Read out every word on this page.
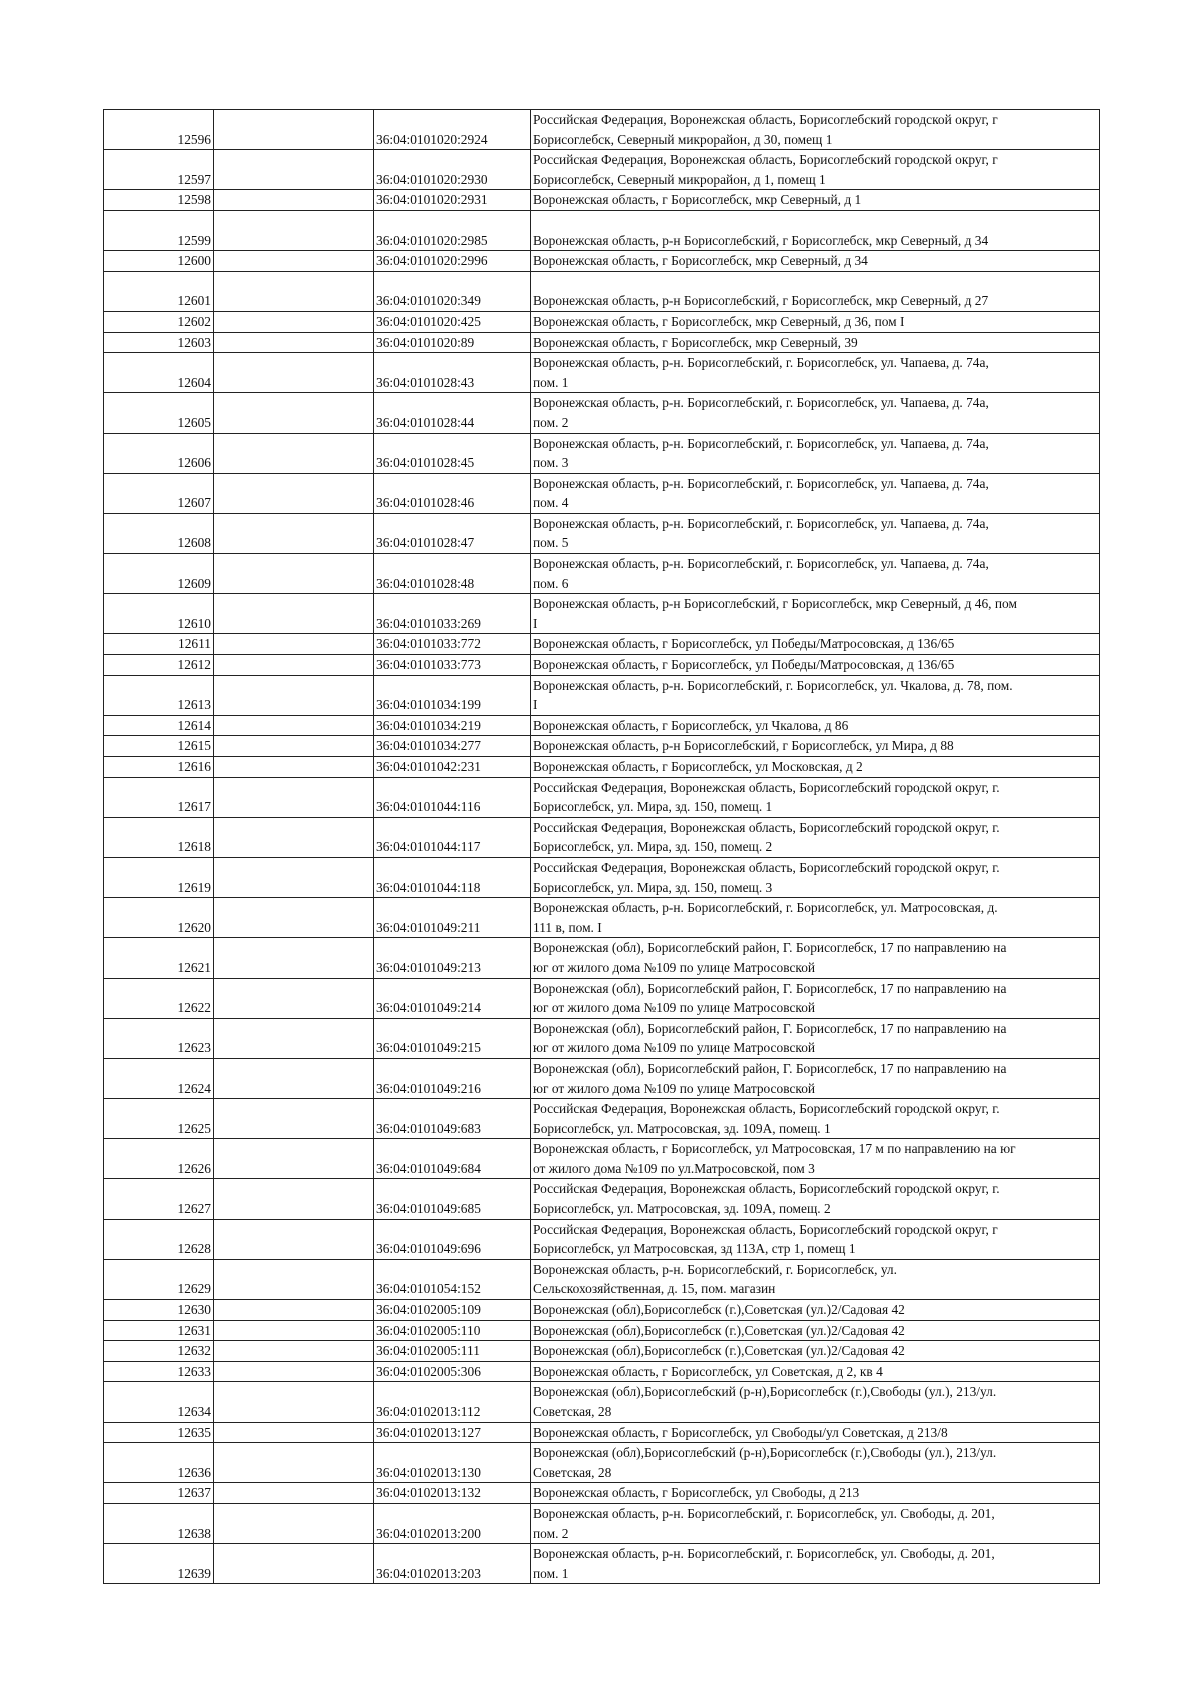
12596		36:04:0101020:2924	Российская Федерация, Воронежская область, Борисоглебский городской округ, г
Борисоглебск, Северный микрорайон, д 30, помещ 1

12597		36:04:0101020:2930	Российская Федерация, Воронежская область, Борисоглебский городской округ, г
Борисоглебск, Северный микрорайон, д 1, помещ 1

12598		36:04:0101020:2931	Воронежская область, г Борисоглебск, мкр Северный, д 1

12599		36:04:0101020:2985	Воронежская область, р-н Борисоглебский, г Борисоглебск, мкр Северный, д 34

12600		36:04:0101020:2996	Воронежская область, г Борисоглебск, мкр Северный, д 34

12601		36:04:0101020:349	Воронежская область, р-н Борисоглебский, г Борисоглебск, мкр Северный, д 27

12602		36:04:0101020:425	Воронежская область, г Борисоглебск, мкр Северный, д 36, пом I

12603		36:04:0101020:89	Воронежская область, г Борисоглебск, мкр Северный, 39

12604		36:04:0101028:43	Воронежская область, р-н. Борисоглебский, г. Борисоглебск, ул. Чапаева, д. 74а,
пом. 1

12605		36:04:0101028:44	Воронежская область, р-н. Борисоглебский, г. Борисоглебск, ул. Чапаева, д. 74а,
пом. 2

12606		36:04:0101028:45	Воронежская область, р-н. Борисоглебский, г. Борисоглебск, ул. Чапаева, д. 74а,
пом. 3

12607		36:04:0101028:46	Воронежская область, р-н. Борисоглебский, г. Борисоглебск, ул. Чапаева, д. 74а,
пом. 4

12608		36:04:0101028:47	Воронежская область, р-н. Борисоглебский, г. Борисоглебск, ул. Чапаева, д. 74а,
пом. 5

12609		36:04:0101028:48	Воронежская область, р-н. Борисоглебский, г. Борисоглебск, ул. Чапаева, д. 74а,
пом. 6

12610		36:04:0101033:269	Воронежская область, р-н Борисоглебский, г Борисоглебск, мкр Северный, д 46, пом
I

12611		36:04:0101033:772	Воронежская область, г Борисоглебск, ул Победы/Матросовская, д 136/65

12612		36:04:0101033:773	Воронежская область, г Борисоглебск, ул Победы/Матросовская, д 136/65

12613		36:04:0101034:199	Воронежская область, р-н. Борисоглебский, г. Борисоглебск, ул. Чкалова, д. 78, пом.
I

12614		36:04:0101034:219	Воронежская область, г Борисоглебск, ул Чкалова, д 86

12615		36:04:0101034:277	Воронежская область, р-н Борисоглебский, г Борисоглебск, ул Мира, д 88

12616		36:04:0101042:231	Воронежская область, г Борисоглебск, ул Московская, д 2

12617		36:04:0101044:116	Российская Федерация, Воронежская область, Борисоглебский городской округ, г.
Борисоглебск, ул. Мира, зд. 150, помещ. 1

12618		36:04:0101044:117	Российская Федерация, Воронежская область, Борисоглебский городской округ, г.
Борисоглебск, ул. Мира, зд. 150, помещ. 2

12619		36:04:0101044:118	Российская Федерация, Воронежская область, Борисоглебский городской округ, г.
Борисоглебск, ул. Мира, зд. 150, помещ. 3

12620		36:04:0101049:211	Воронежская область, р-н. Борисоглебский, г. Борисоглебск, ул. Матросовская, д.
111 в, пом. I

12621		36:04:0101049:213	Воронежская (обл), Борисоглебский район, Г. Борисоглебск, 17 по направлению на
юг от жилого дома №109 по улице Матросовской

12622		36:04:0101049:214	Воронежская (обл), Борисоглебский район, Г. Борисоглебск, 17 по направлению на
юг от жилого дома №109 по улице Матросовской

12623		36:04:0101049:215	Воронежская (обл), Борисоглебский район, Г. Борисоглебск, 17 по направлению на
юг от жилого дома №109 по улице Матросовской

12624		36:04:0101049:216	Воронежская (обл), Борисоглебский район, Г. Борисоглебск, 17 по направлению на
юг от жилого дома №109 по улице Матросовской

12625		36:04:0101049:683	Российская Федерация, Воронежская область, Борисоглебский городской округ, г.
Борисоглебск, ул. Матросовская, зд. 109А, помещ. 1

12626		36:04:0101049:684	Воронежская область, г Борисоглебск, ул Матросовская, 17 м по направлению на юг
от жилого дома №109 по ул.Матросовской, пом 3

12627		36:04:0101049:685	Российская Федерация, Воронежская область, Борисоглебский городской округ, г.
Борисоглебск, ул. Матросовская, зд. 109А, помещ. 2

12628		36:04:0101049:696	Российская Федерация, Воронежская область, Борисоглебский городской округ, г
Борисоглебск, ул Матросовская, зд 113А, стр 1, помещ 1

12629		36:04:0101054:152	Воронежская область, р-н. Борисоглебский, г. Борисоглебск, ул.
Сельскохозяйственная, д. 15, пом. магазин

12630		36:04:0102005:109	Воронежская (обл),Борисоглебск (г.),Советская (ул.)2/Садовая 42

12631		36:04:0102005:110	Воронежская (обл),Борисоглебск (г.),Советская (ул.)2/Садовая 42

12632		36:04:0102005:111	Воронежская (обл),Борисоглебск (г.),Советская (ул.)2/Садовая 42

12633		36:04:0102005:306	Воронежская область, г Борисоглебск, ул Советская, д 2, кв 4

12634		36:04:0102013:112	Воронежская (обл),Борисоглебский (р-н),Борисоглебск (г.),Свободы (ул.), 213/ул.
Советская, 28

12635		36:04:0102013:127	Воронежская область, г Борисоглебск, ул Свободы/ул Советская, д 213/8

12636		36:04:0102013:130	Воронежская (обл),Борисоглебский (р-н),Борисоглебск (г.),Свободы (ул.), 213/ул.
Советская, 28

12637		36:04:0102013:132	Воронежская область, г Борисоглебск, ул Свободы, д 213

12638		36:04:0102013:200	Воронежская область, р-н. Борисоглебский, г. Борисоглебск, ул. Свободы, д. 201,
пом. 2

12639		36:04:0102013:203	Воронежская область, р-н. Борисоглебский, г. Борисоглебск, ул. Свободы, д. 201,
пом. 1
